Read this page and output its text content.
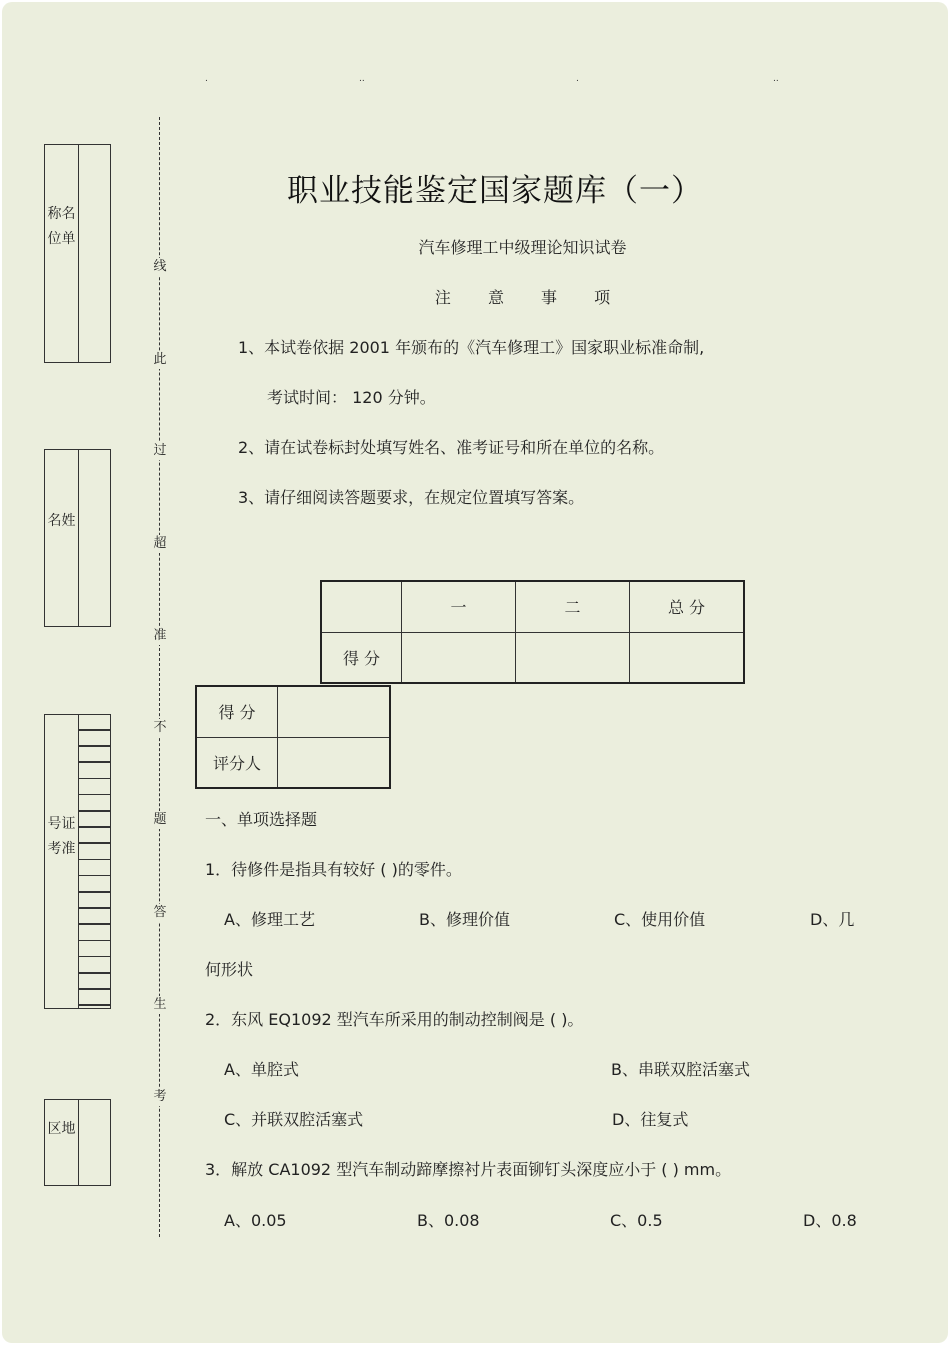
.	..	.	..
称名位单
名姓
号证考准
区地
线
此
过
超
准
不
题
答
生
考
职业技能鉴定国家题库（一）
汽车修理工中级理论知识试卷
注 意 事 项
1、本试卷依据 2001 年颁布的《汽车修理工》国家职业标准命制,
考试时间： 120 分钟。
2、请在试卷标封处填写姓名、准考证号和所在单位的名称。
3、请仔细阅读答题要求，在规定位置填写答案。
	一	二	总 分
得 分			
得 分	
评分人	
一、单项选择题
1．待修件是指具有较好 ( )的零件。
A、修理工艺	B、修理价值	C、使用价值	D、几
何形状
2．东风 EQ1092 型汽车所采用的制动控制阀是 ( )。
A、单腔式	B、串联双腔活塞式
C、并联双腔活塞式	D、往复式
3．解放 CA1092 型汽车制动蹄摩擦衬片表面铆钉头深度应小于 ( ) mm。
A、0.05	B、0.08	C、0.5	D、0.8
